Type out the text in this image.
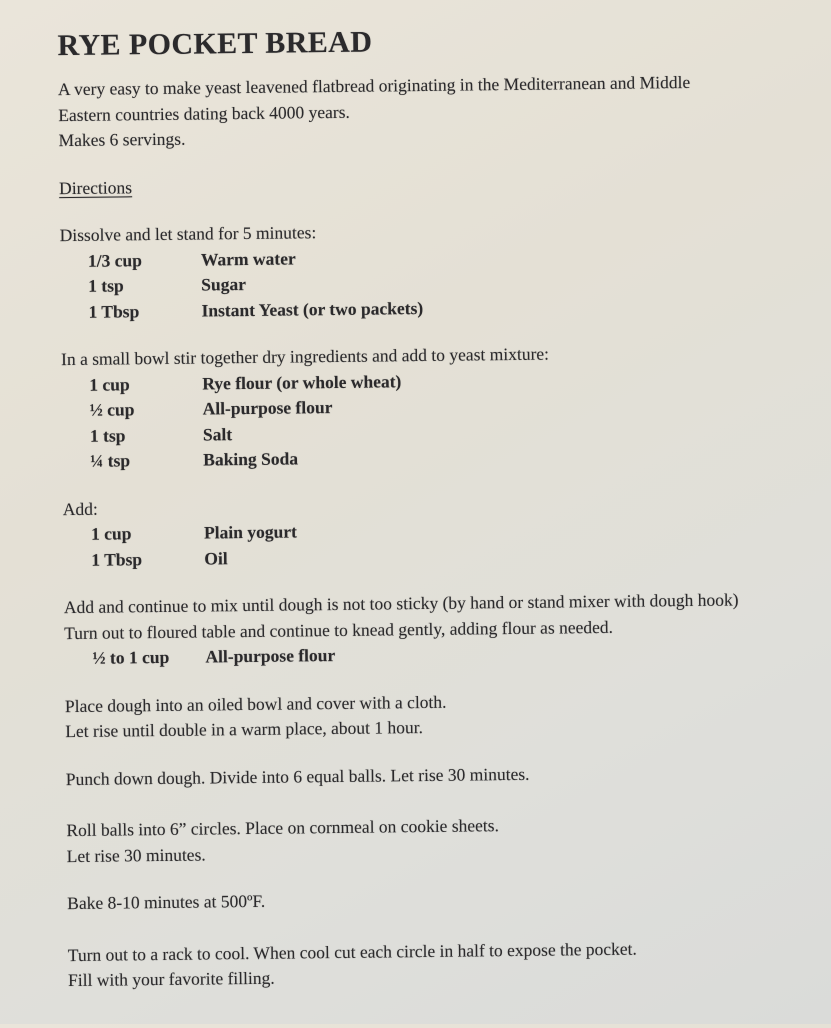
RYE POCKET BREAD

A very easy to make yeast leavened flatbread originating in the Mediterranean and Middle

Eastern countries dating back 4000 years.

Makes 6 servings.

Directions

Dissolve and let stand for 5 minutes:

1/3 cup	Warm water
1 tsp	Sugar
1 Tbsp	Instant Yeast (or two packets)

In a small bowl stir together dry ingredients and add to yeast mixture:

1 cup	Rye flour (or whole wheat)
½ cup	All-purpose flour
1 tsp	Salt
¼ tsp	Baking Soda

Add:

1 cup	Plain yogurt
1 Tbsp	Oil

Add and continue to mix until dough is not too sticky (by hand or stand mixer with dough hook)

Turn out to floured table and continue to knead gently, adding flour as needed.

½ to 1 cup	All-purpose flour

Place dough into an oiled bowl and cover with a cloth.

Let rise until double in a warm place, about 1 hour.

Punch down dough. Divide into 6 equal balls. Let rise 30 minutes.

Roll balls into 6” circles. Place on cornmeal on cookie sheets.

Let rise 30 minutes.

Bake 8-10 minutes at 500ºF.

Turn out to a rack to cool. When cool cut each circle in half to expose the pocket.

Fill with your favorite filling.
